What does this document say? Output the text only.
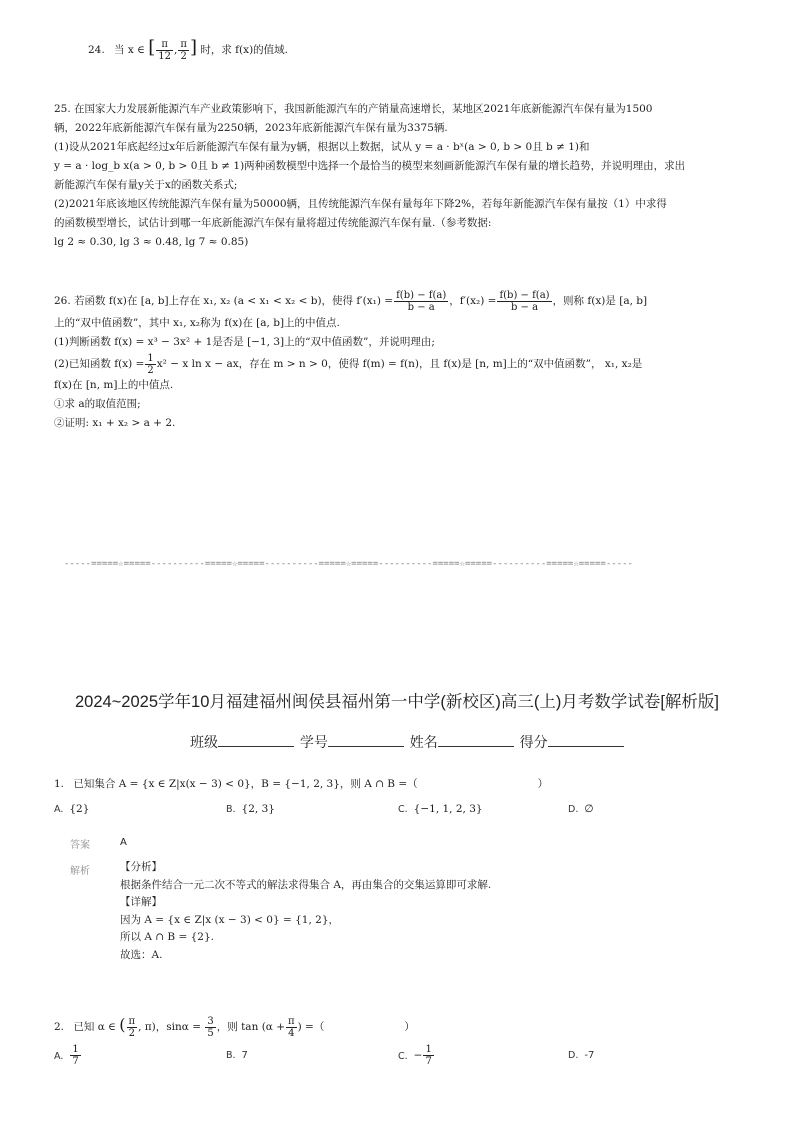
24. 当 x ∈ [ $\frac{\pi}{12}$ , $\frac{\pi}{2}$ ] 时，求 f(x)的值域.
25. 在国家大力发展新能源汽车产业政策影响下，我国新能源汽车的产销量高速增长，某地区2021年底新能源汽车保有量为1500
辆，2022年底新能源汽车保有量为2250辆，2023年底新能源汽车保有量为3375辆.
(1)设从2021年底起经过x年后新能源汽车保有量为y辆，根据以上数据，试从 y = a · bˣ(a > 0, b > 0且 b ≠ 1)和
y = a · log_b x(a > 0, b > 0且 b ≠ 1)两种函数模型中选择一个最恰当的模型来刻画新能源汽车保有量的增长趋势，并说明理由，求出
新能源汽车保有量y关于x的函数关系式;
(2)2021年底该地区传统能源汽车保有量为50000辆，且传统能源汽车保有量每年下降2%，若每年新能源汽车保有量按（1）中求得
的函数模型增长，试估计到哪一年底新能源汽车保有量将超过传统能源汽车保有量.（参考数据:
lg 2 ≈ 0.30, lg 3 ≈ 0.48, lg 7 ≈ 0.85)
26. 若函数 f(x)在 [a, b]上存在 x₁, x₂ (a < x₁ < x₂ < b)，使得 $f'(x_1) = \frac{f(b) - f(a)}{b - a}$ ，$f'(x_2) = \frac{f(b) - f(a)}{b - a}$ ，则称 f(x)是 [a, b]
上的“双中值函数”，其中 x₁, x₂称为 f(x)在 [a, b]上的中值点.
(1)判断函数 f(x) = x³ − 3x² + 1是否是 [−1, 3]上的“双中值函数”，并说明理由;
(2)已知函数 $f(x) = \frac{1}{2} x^2 - x$ ln x − ax，存在 m > n > 0，使得 f(m) = f(n)，且 f(x)是 [n, m]上的“双中值函数”， x₁, x₂是
f(x)在 [n, m]上的中值点.
①求 a的取值范围;
②证明: x₁ + x₂ > a + 2.
-----=====☆=====----------=====☆=====----------=====☆=====----------=====☆=====----------=====☆=====-----
2024~2025学年10月福建福州闽侯县福州第一中学(新校区)高三(上)月考数学试卷[解析版]
班级	学号	姓名	得分
1. 已知集合 A = {x ∈ Z|x(x − 3) < 0}，B = {−1, 2, 3}，则 A ∩ B =（	）
A. {2}	B. {2, 3}	C. {−1, 1, 2, 3}	D. ∅
答案	A
解析	【分析】
根据条件结合一元二次不等式的解法求得集合 A，再由集合的交集运算即可求解.
【详解】
因为 A = {x ∈ Z|x (x − 3) < 0} = {1, 2}，
所以 A ∩ B = {2}.
故选：A.
2. 已知 α ∈ ( $\frac{\pi}{2}$ , π)，$\sin\alpha = \frac{3}{5}$ ，则 $\tan (\alpha + \frac{\pi}{4}$ ) =（	）
A. $\frac{1}{7}$	B. 7	C. − $\frac{1}{7}$	D. -7
